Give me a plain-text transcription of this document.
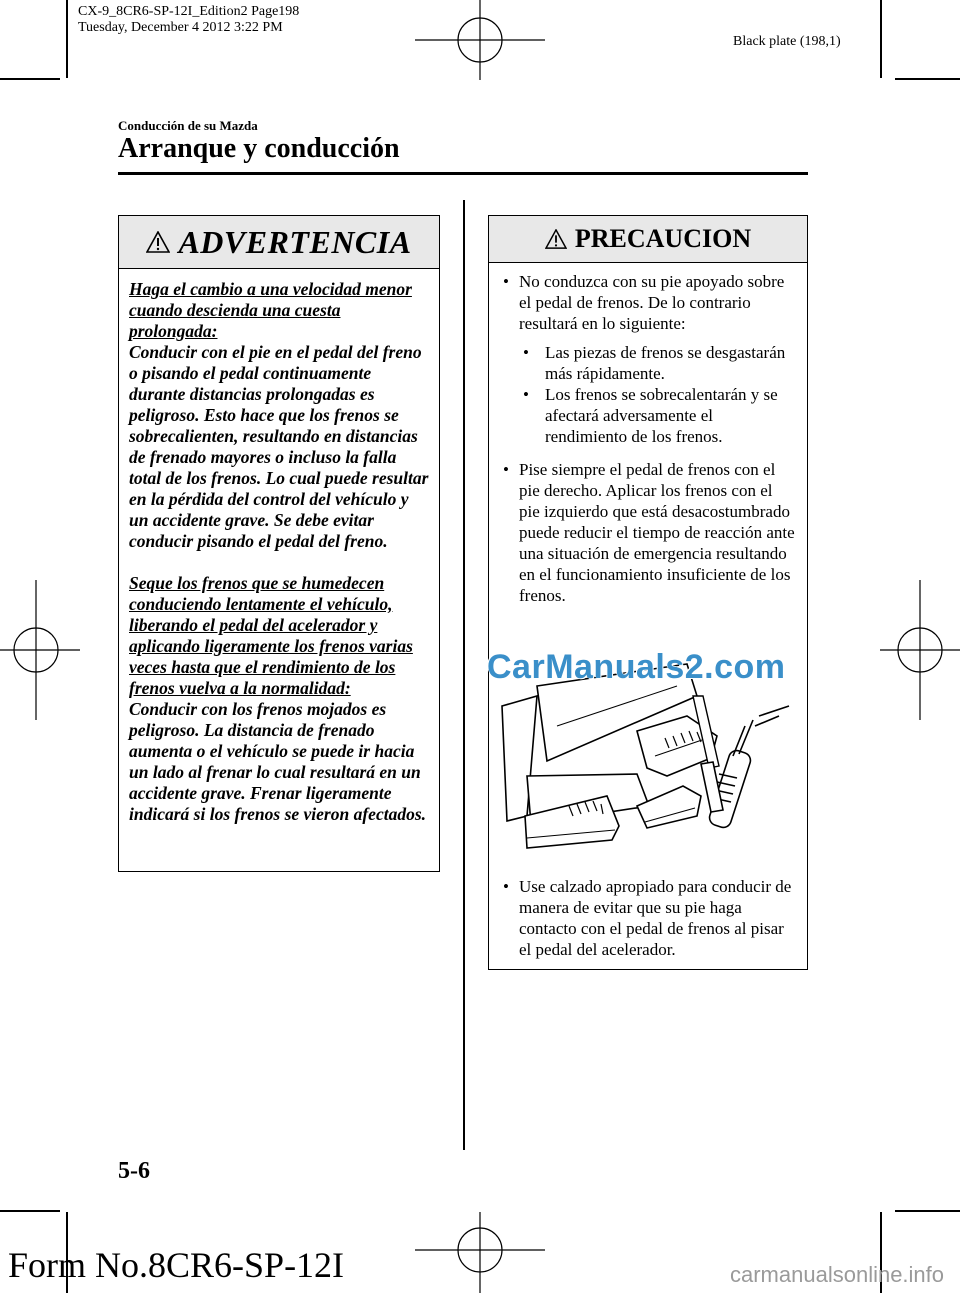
CX-9_8CR6-SP-12I_Edition2 Page198
Tuesday, December 4 2012 3:22 PM
Black plate (198,1)
Conducción de su Mazda
Arranque y conducción
ADVERTENCIA

Haga el cambio a una velocidad menor cuando descienda una cuesta prolongada:

Conducir con el pie en el pedal del freno o pisando el pedal continuamente durante distancias prolongadas es peligroso. Esto hace que los frenos se sobrecalienten, resultando en distancias de frenado mayores o incluso la falla total de los frenos. Lo cual puede resultar en la pérdida del control del vehículo y un accidente grave. Se debe evitar conducir pisando el pedal del freno.

Seque los frenos que se humedecen conduciendo lentamente el vehículo, liberando el pedal del acelerador y aplicando ligeramente los frenos varias veces hasta que el rendimiento de los frenos vuelva a la normalidad:

Conducir con los frenos mojados es peligroso. La distancia de frenado aumenta o el vehículo se puede ir hacia un lado al frenar lo cual resultará en un accidente grave. Frenar ligeramente indicará si los frenos se vieron afectados.

PRECAUCION

• No conduzca con su pie apoyado sobre el pedal de frenos. De lo contrario resultará en lo siguiente:

• Las piezas de frenos se desgastarán más rápidamente.

• Los frenos se sobrecalentarán y se afectará adversamente el rendimiento de los frenos.

• Pise siempre el pedal de frenos con el pie derecho. Aplicar los frenos con el pie izquierdo que está desacostumbrado puede reducir el tiempo de reacción ante una situación de emergencia resultando en el funcionamiento insuficiente de los frenos.

• Use calzado apropiado para conducir de manera de evitar que su pie haga contacto con el pedal de frenos al pisar el pedal del acelerador.

CarManuals2.com
5-6
Form No.8CR6-SP-12I	carmanualsonline.info
